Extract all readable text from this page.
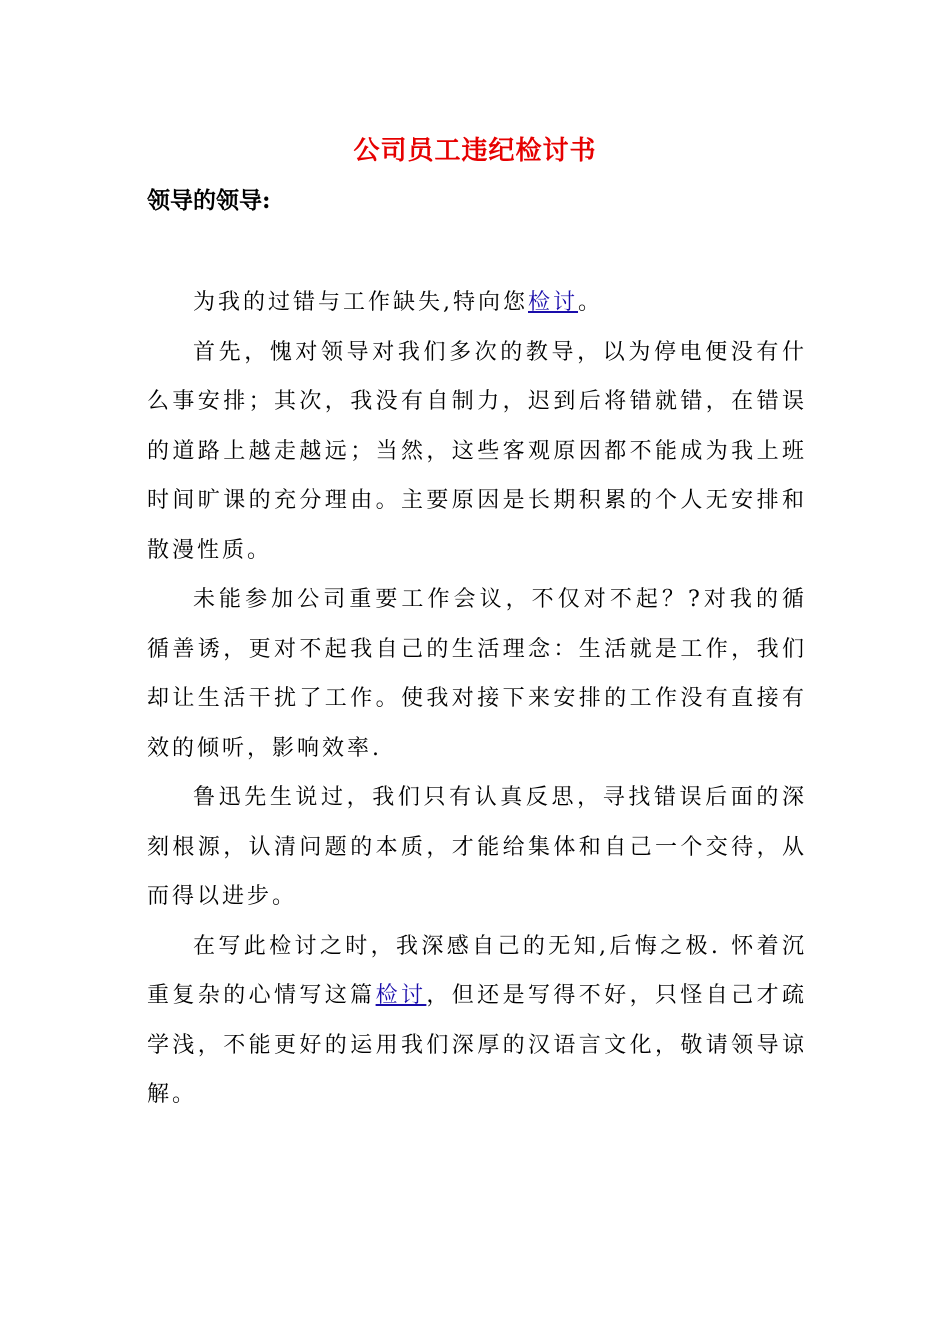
公司员工违纪检讨书
领导的领导:

为我的过错与工作缺失,特向您检讨。

首先，愧对领导对我们多次的教导，以为停电便没有什么事安排；其次，我没有自制力，迟到后将错就错，在错误的道路上越走越远；当然，这些客观原因都不能成为我上班时间旷课的充分理由。主要原因是长期积累的个人无安排和散漫性质。

未能参加公司重要工作会议，不仅对不起？?对我的循循善诱，更对不起我自己的生活理念：生活就是工作，我们却让生活干扰了工作。使我对接下来安排的工作没有直接有效的倾听，影响效率.

鲁迅先生说过，我们只有认真反思，寻找错误后面的深刻根源，认清问题的本质，才能给集体和自己一个交待，从而得以进步。

在写此检讨之时，我深感自己的无知,后悔之极. 怀着沉重复杂的心情写这篇检讨，但还是写得不好，只怪自己才疏学浅，不能更好的运用我们深厚的汉语言文化，敬请领导谅解。
